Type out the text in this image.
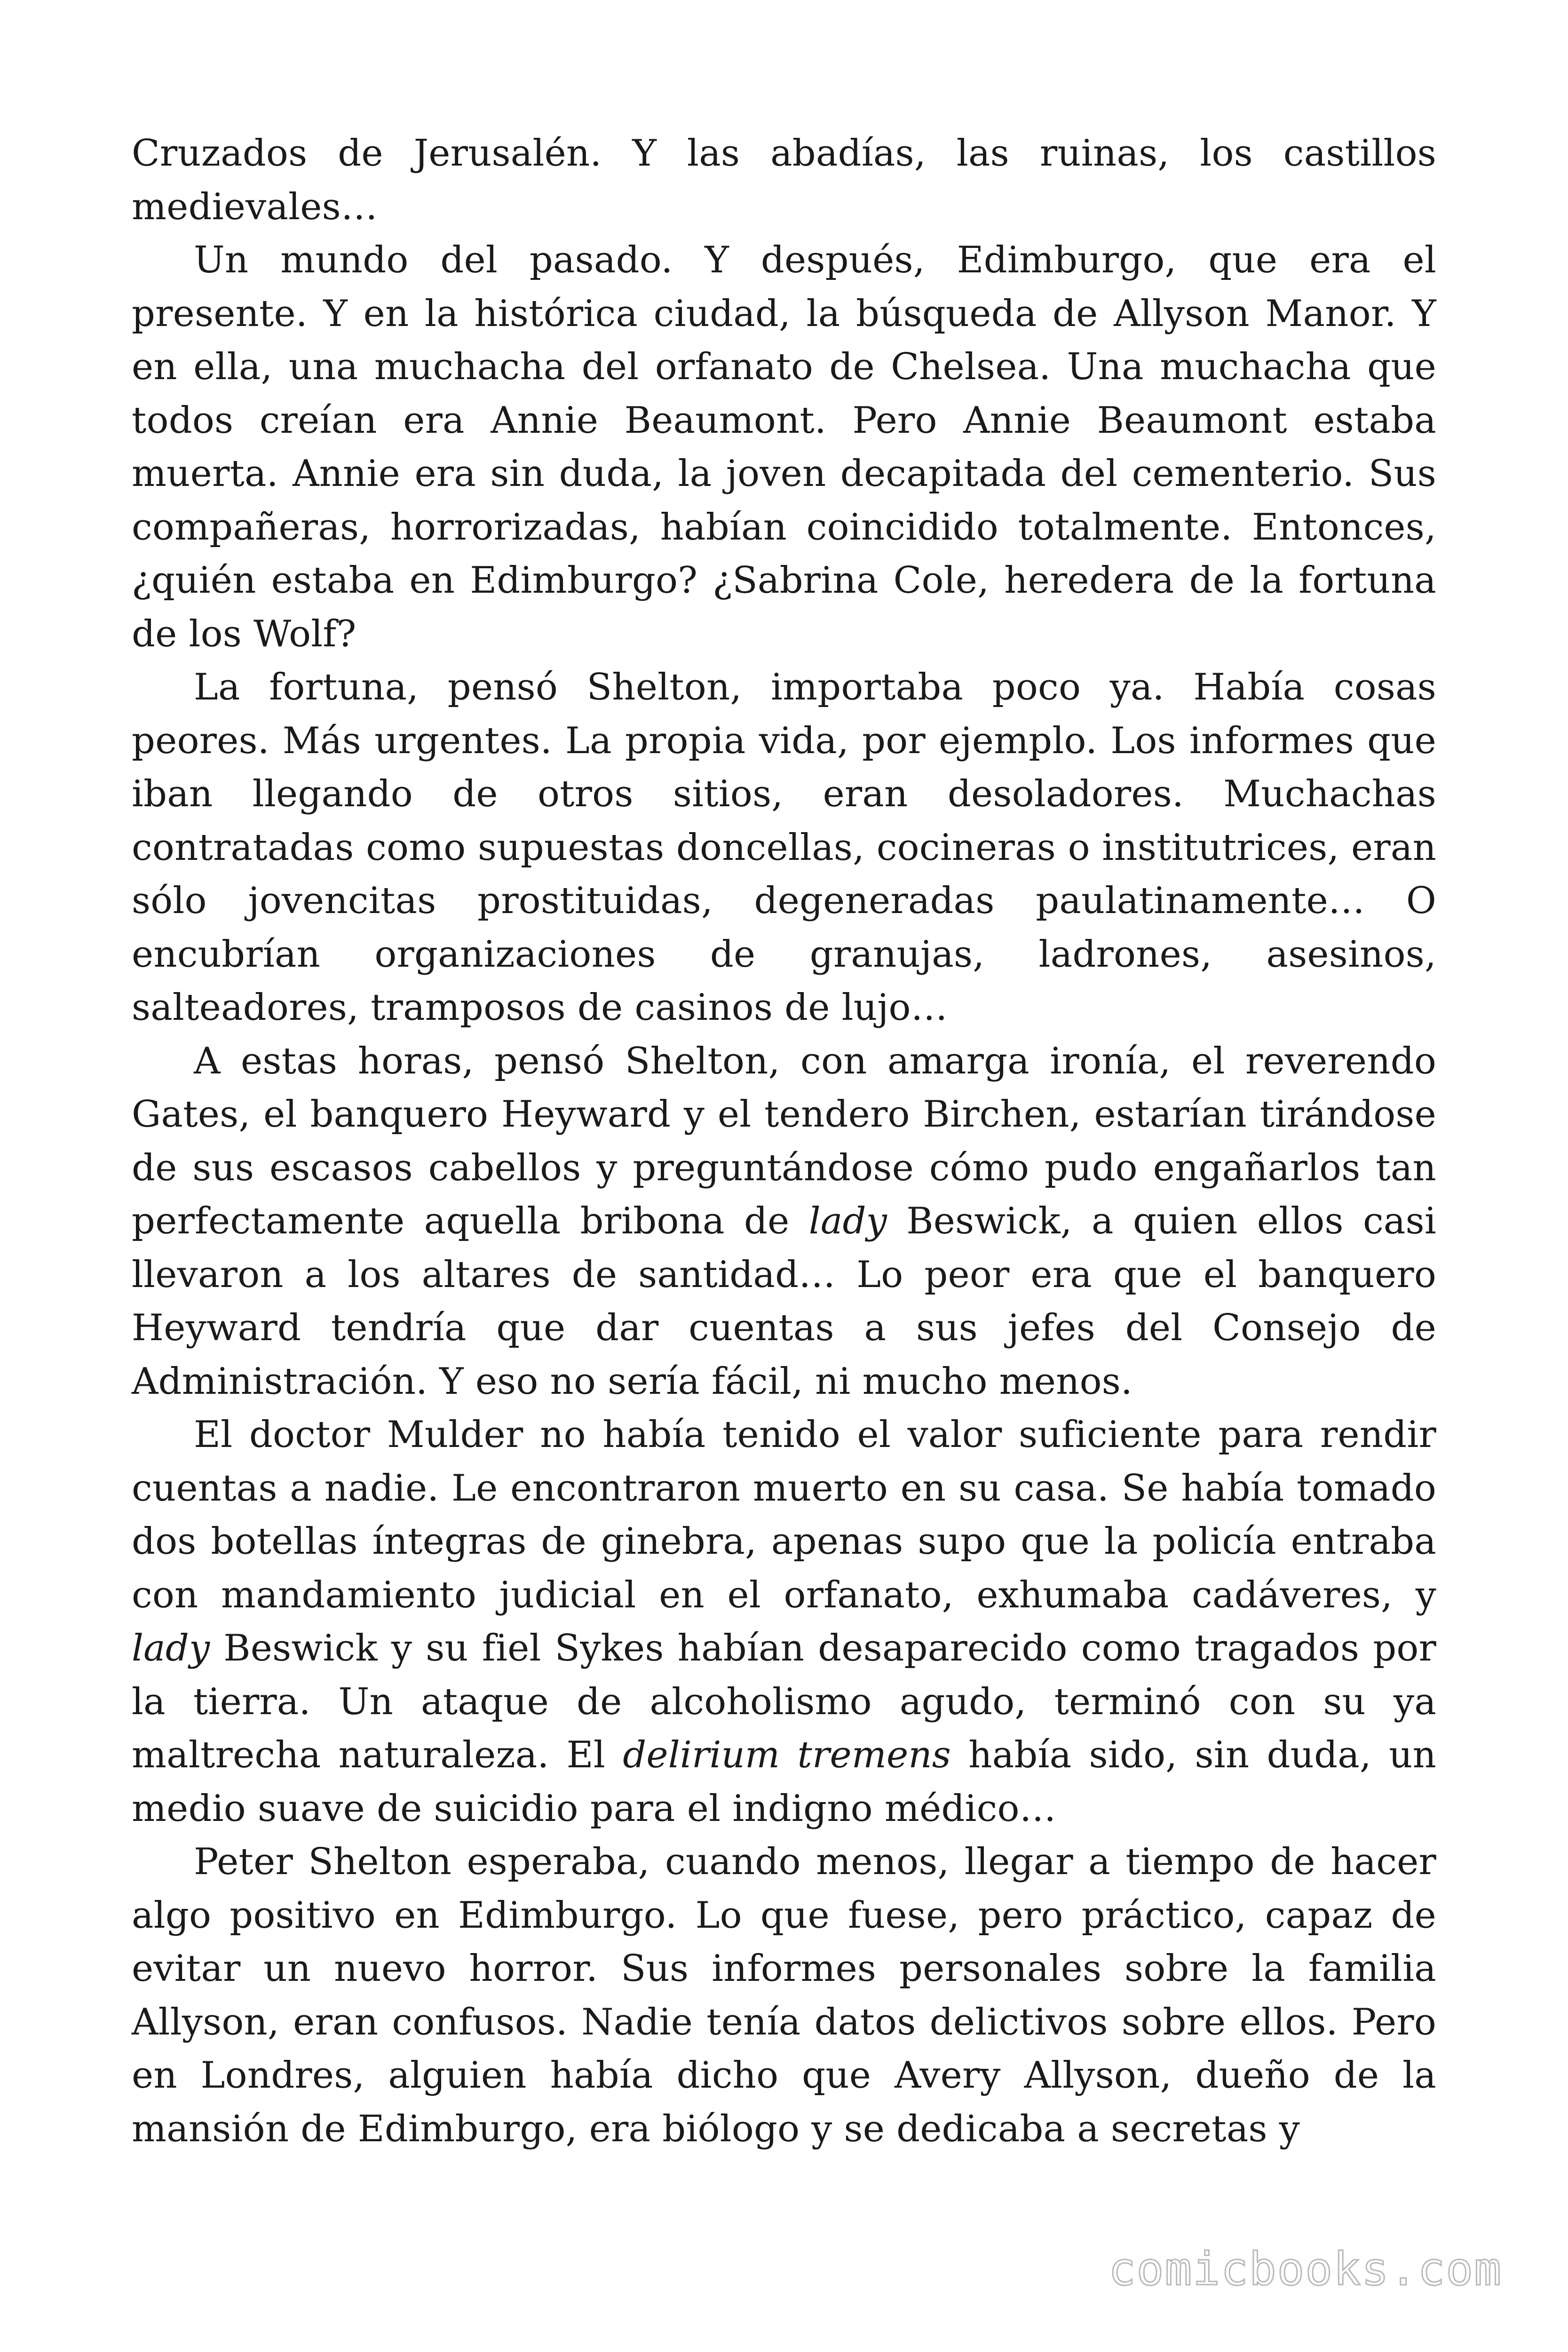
Cruzados de Jerusalén. Y las abadías, las ruinas, los castillos medievales…

Un mundo del pasado. Y después, Edimburgo, que era el presente. Y en la histórica ciudad, la búsqueda de Allyson Manor. Y en ella, una muchacha del orfanato de Chelsea. Una muchacha que todos creían era Annie Beaumont. Pero Annie Beaumont estaba muerta. Annie era sin duda, la joven decapitada del cementerio. Sus compañeras, horrorizadas, habían coincidido totalmente. Entonces, ¿quién estaba en Edimburgo? ¿Sabrina Cole, heredera de la fortuna de los Wolf?

La fortuna, pensó Shelton, importaba poco ya. Había cosas peores. Más urgentes. La propia vida, por ejemplo. Los informes que iban llegando de otros sitios, eran desoladores. Muchachas contratadas como supuestas doncellas, cocineras o institutrices, eran sólo jovencitas prostituidas, degeneradas paulatinamente… O encubrían organizaciones de granujas, ladrones, asesinos, salteadores, tramposos de casinos de lujo…

A estas horas, pensó Shelton, con amarga ironía, el reverendo Gates, el banquero Heyward y el tendero Birchen, estarían tirándose de sus escasos cabellos y preguntándose cómo pudo engañarlos tan perfectamente aquella bribona de lady Beswick, a quien ellos casi llevaron a los altares de santidad… Lo peor era que el banquero Heyward tendría que dar cuentas a sus jefes del Consejo de Administración. Y eso no sería fácil, ni mucho menos.

El doctor Mulder no había tenido el valor suficiente para rendir cuentas a nadie. Le encontraron muerto en su casa. Se había tomado dos botellas íntegras de ginebra, apenas supo que la policía entraba con mandamiento judicial en el orfanato, exhumaba cadáveres, y lady Beswick y su fiel Sykes habían desaparecido como tragados por la tierra. Un ataque de alcoholismo agudo, terminó con su ya maltrecha naturaleza. El delirium tremens había sido, sin duda, un medio suave de suicidio para el indigno médico…

Peter Shelton esperaba, cuando menos, llegar a tiempo de hacer algo positivo en Edimburgo. Lo que fuese, pero práctico, capaz de evitar un nuevo horror. Sus informes personales sobre la familia Allyson, eran confusos. Nadie tenía datos delictivos sobre ellos. Pero en Londres, alguien había dicho que Avery Allyson, dueño de la mansión de Edimburgo, era biólogo y se dedicaba a secretas y

comicbooks.com
